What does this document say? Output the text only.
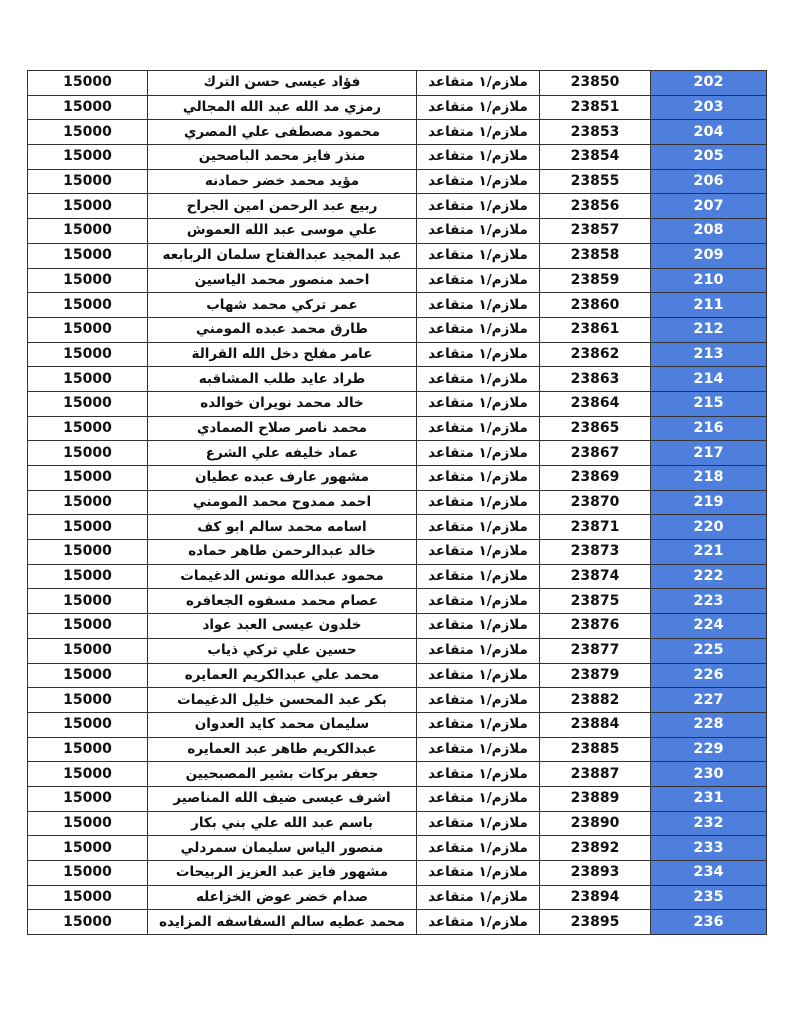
15000	فؤاد عيسى حسن الترك	ملازم/١ متقاعد	23850	202
15000	رمزي مد الله عبد الله المجالي	ملازم/١ متقاعد	23851	203
15000	محمود مصطفى علي المصري	ملازم/١ متقاعد	23853	204
15000	منذر فايز محمد الباصحين	ملازم/١ متقاعد	23854	205
15000	مؤيد محمد خضر حمادنه	ملازم/١ متقاعد	23855	206
15000	ربيع عبد الرحمن امين الجراح	ملازم/١ متقاعد	23856	207
15000	علي موسى عبد الله العموش	ملازم/١ متقاعد	23857	208
15000	عبد المجيد عبدالفتاح سلمان الربابعه	ملازم/١ متقاعد	23858	209
15000	احمد منصور محمد الياسين	ملازم/١ متقاعد	23859	210
15000	عمر تركي محمد شهاب	ملازم/١ متقاعد	23860	211
15000	طارق محمد عبده المومني	ملازم/١ متقاعد	23861	212
15000	عامر مفلح دخل الله القرالة	ملازم/١ متقاعد	23862	213
15000	طراد عايد طلب المشاقبه	ملازم/١ متقاعد	23863	214
15000	خالد محمد نويران خوالده	ملازم/١ متقاعد	23864	215
15000	محمد ناصر صلاح الصمادي	ملازم/١ متقاعد	23865	216
15000	عماد خليفه علي الشرع	ملازم/١ متقاعد	23867	217
15000	مشهور عارف عبده عطيان	ملازم/١ متقاعد	23869	218
15000	احمد ممدوح محمد المومني	ملازم/١ متقاعد	23870	219
15000	اسامه محمد سالم ابو كف	ملازم/١ متقاعد	23871	220
15000	خالد عبدالرحمن طاهر حماده	ملازم/١ متقاعد	23873	221
15000	محمود عبدالله مونس الدغيمات	ملازم/١ متقاعد	23874	222
15000	عصام محمد مسفوه الجعافره	ملازم/١ متقاعد	23875	223
15000	خلدون عيسى العبد عواد	ملازم/١ متقاعد	23876	224
15000	حسين علي تركي ذياب	ملازم/١ متقاعد	23877	225
15000	محمد علي عبدالكريم العمايره	ملازم/١ متقاعد	23879	226
15000	بكر عبد المحسن خليل الدغيمات	ملازم/١ متقاعد	23882	227
15000	سليمان محمد كايد العدوان	ملازم/١ متقاعد	23884	228
15000	عبدالكريم طاهر عبد العمايره	ملازم/١ متقاعد	23885	229
15000	جعفر بركات بشير المصبحيين	ملازم/١ متقاعد	23887	230
15000	اشرف عيسى ضيف الله المناصير	ملازم/١ متقاعد	23889	231
15000	باسم عبد الله علي بني بكار	ملازم/١ متقاعد	23890	232
15000	منصور الياس سليمان سمردلي	ملازم/١ متقاعد	23892	233
15000	مشهور فايز عبد العزيز الربيحات	ملازم/١ متقاعد	23893	234
15000	صدام خضر عوض الخزاعله	ملازم/١ متقاعد	23894	235
15000	محمد عطيه سالم السفاسفه المزايده	ملازم/١ متقاعد	23895	236
